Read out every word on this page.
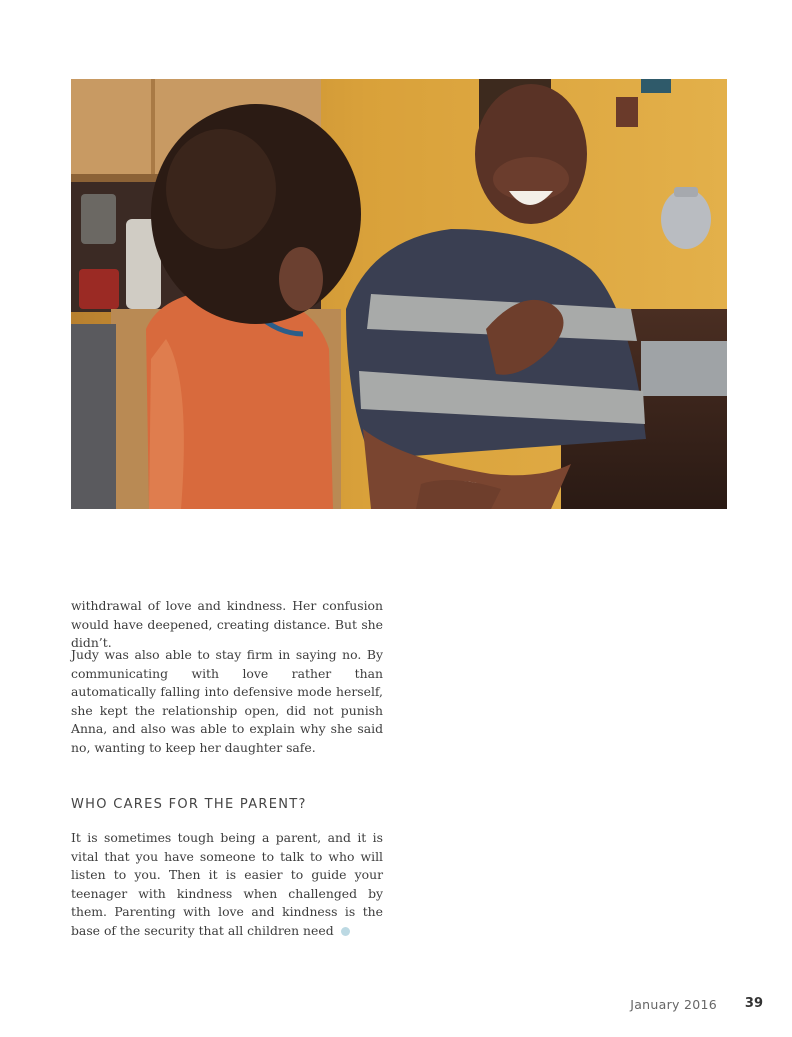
withdrawal of love and kindness. Her confusion would have deepened, creating distance. But she didn’t.

Judy was also able to stay firm in saying no. By communicating with love rather than automatically falling into defensive mode herself, she kept the relationship open, did not punish Anna, and also was able to explain why she said no, wanting to keep her daughter safe.

WHO CARES FOR THE PARENT?

It is sometimes tough being a parent, and it is vital that you have someone to talk to who will listen to you. Then it is easier to guide your teenager with kindness when challenged by them. Parenting with love and kindness is the base of the security that all children need

January 2016 39
